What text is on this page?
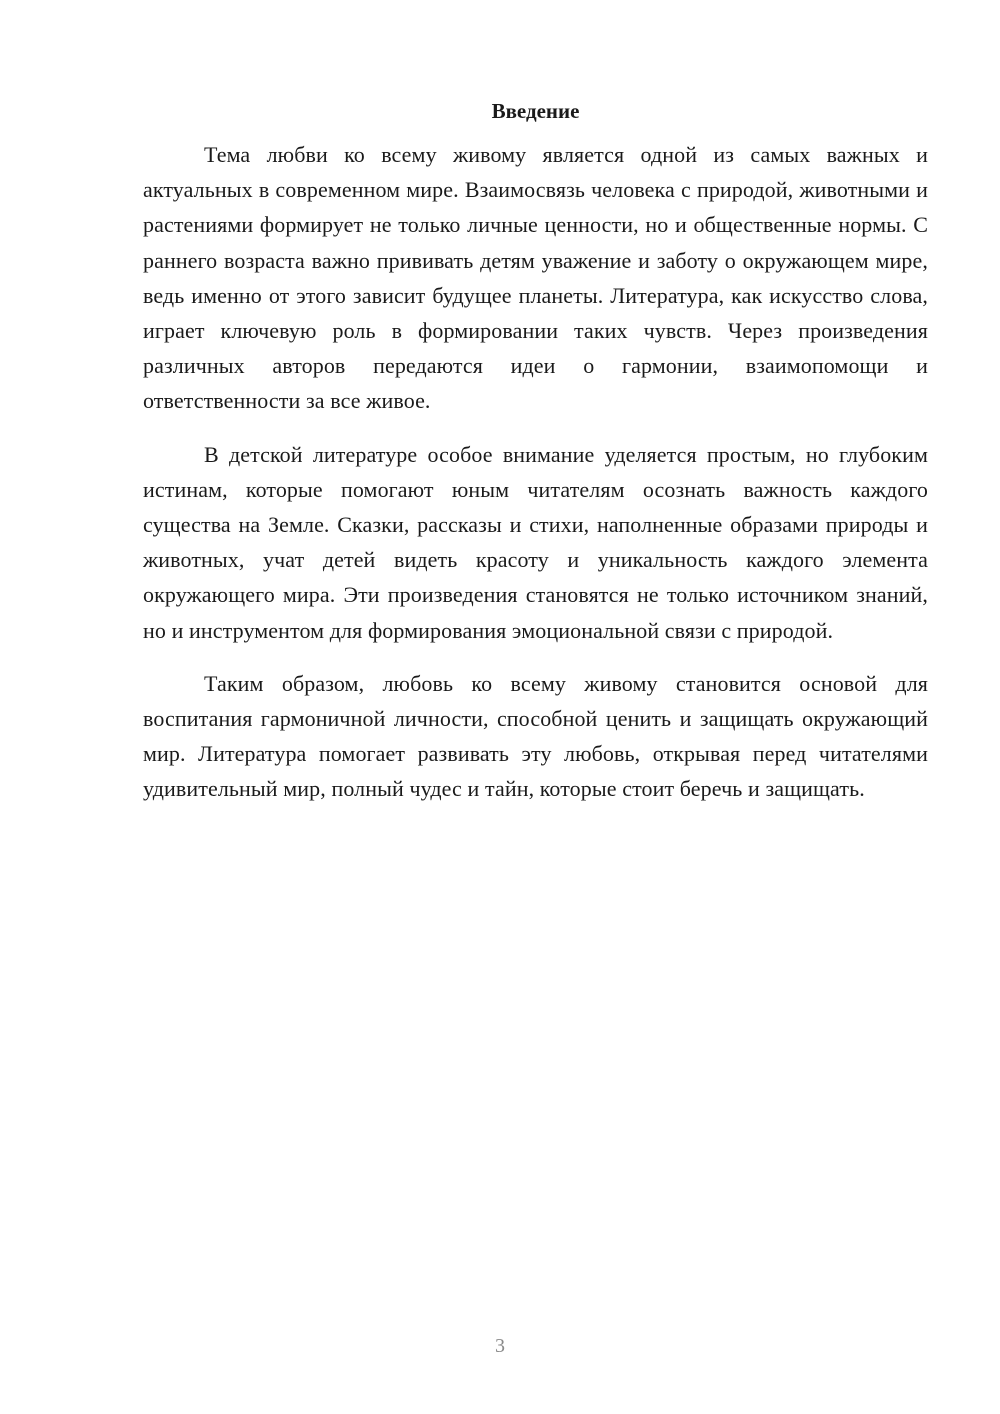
Введение

Тема любви ко всему живому является одной из самых важных и актуальных в современном мире. Взаимосвязь человека с природой, животными и растениями формирует не только личные ценности, но и общественные нормы. С раннего возраста важно прививать детям уважение и заботу о окружающем мире, ведь именно от этого зависит будущее планеты. Литература, как искусство слова, играет ключевую роль в формировании таких чувств. Через произведения различных авторов передаются идеи о гармонии, взаимопомощи и ответственности за все живое.

В детской литературе особое внимание уделяется простым, но глубоким истинам, которые помогают юным читателям осознать важность каждого существа на Земле. Сказки, рассказы и стихи, наполненные образами природы и животных, учат детей видеть красоту и уникальность каждого элемента окружающего мира. Эти произведения становятся не только источником знаний, но и инструментом для формирования эмоциональной связи с природой.

Таким образом, любовь ко всему живому становится основой для воспитания гармоничной личности, способной ценить и защищать окружающий мир. Литература помогает развивать эту любовь, открывая перед читателями удивительный мир, полный чудес и тайн, которые стоит беречь и защищать.

3
